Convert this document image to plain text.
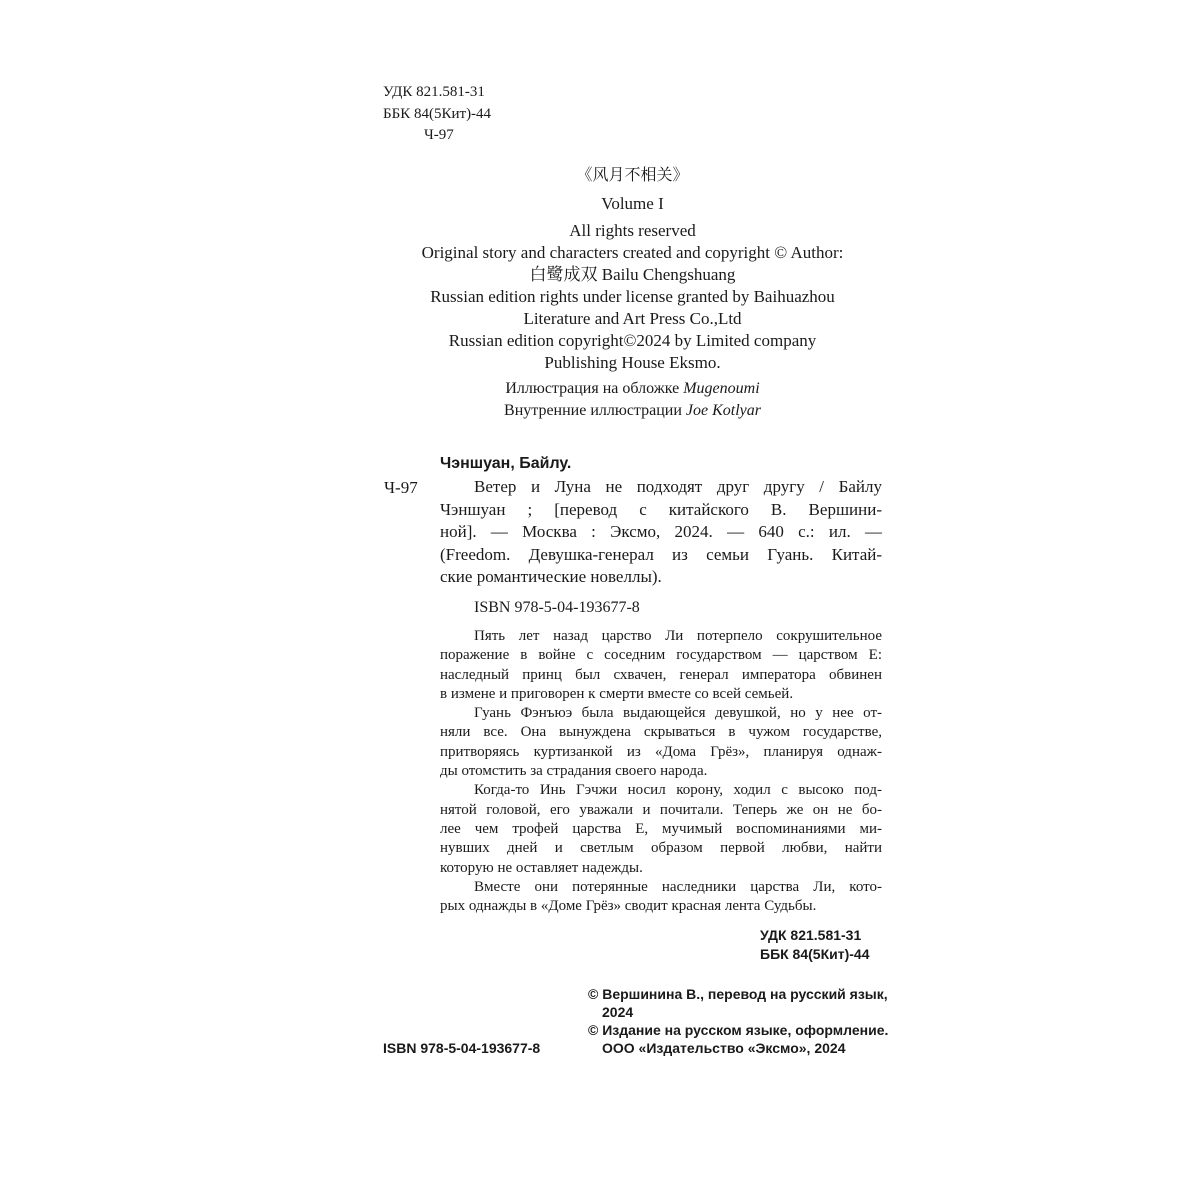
УДК 821.581-31
ББК 84(5Кит)-44
Ч-97
《风月不相关》
Volume I
All rights reserved
Original story and characters created and copyright © Author:
白鹭成双 Bailu Chengshuang
Russian edition rights under license granted by Baihuazhou
Literature and Art Press Co.,Ltd
Russian edition copyright©2024 by Limited company
Publishing House Eksmo.
Иллюстрация на обложке Mugenoumi
Внутренние иллюстрации Joe Kotlyar
Чэншуан, Байлу.
Ч-97	Ветер и Луна не подходят друг другу / Байлу
Чэншуан ; [перевод с китайского В. Вершини-
ной]. — Москва : Эксмо, 2024. — 640 с.: ил. —
(Freedom. Девушка-генерал из семьи Гуань. Китай-
ские романтические новеллы).
ISBN 978-5-04-193677-8
Пять лет назад царство Ли потерпело сокрушительное
поражение в войне с соседним государством — царством Е:
наследный принц был схвачен, генерал императора обвинен
в измене и приговорен к смерти вместе со всей семьей.
Гуань Фэнъюэ была выдающейся девушкой, но у нее от-
няли все. Она вынуждена скрываться в чужом государстве,
притворяясь куртизанкой из «Дома Грёз», планируя однаж-
ды отомстить за страдания своего народа.
Когда-то Инь Гэчжи носил корону, ходил с высоко под-
нятой головой, его уважали и почитали. Теперь же он не бо-
лее чем трофей царства Е, мучимый воспоминаниями ми-
нувших дней и светлым образом первой любви, найти
которую не оставляет надежды.
Вместе они потерянные наследники царства Ли, кото-
рых однажды в «Доме Грёз» сводит красная лента Судьбы.
УДК 821.581-31
ББК 84(5Кит)-44
© Вершинина В., перевод на русский язык,
2024
© Издание на русском языке, оформление.
ООО «Издательство «Эксмо», 2024
ISBN 978-5-04-193677-8
